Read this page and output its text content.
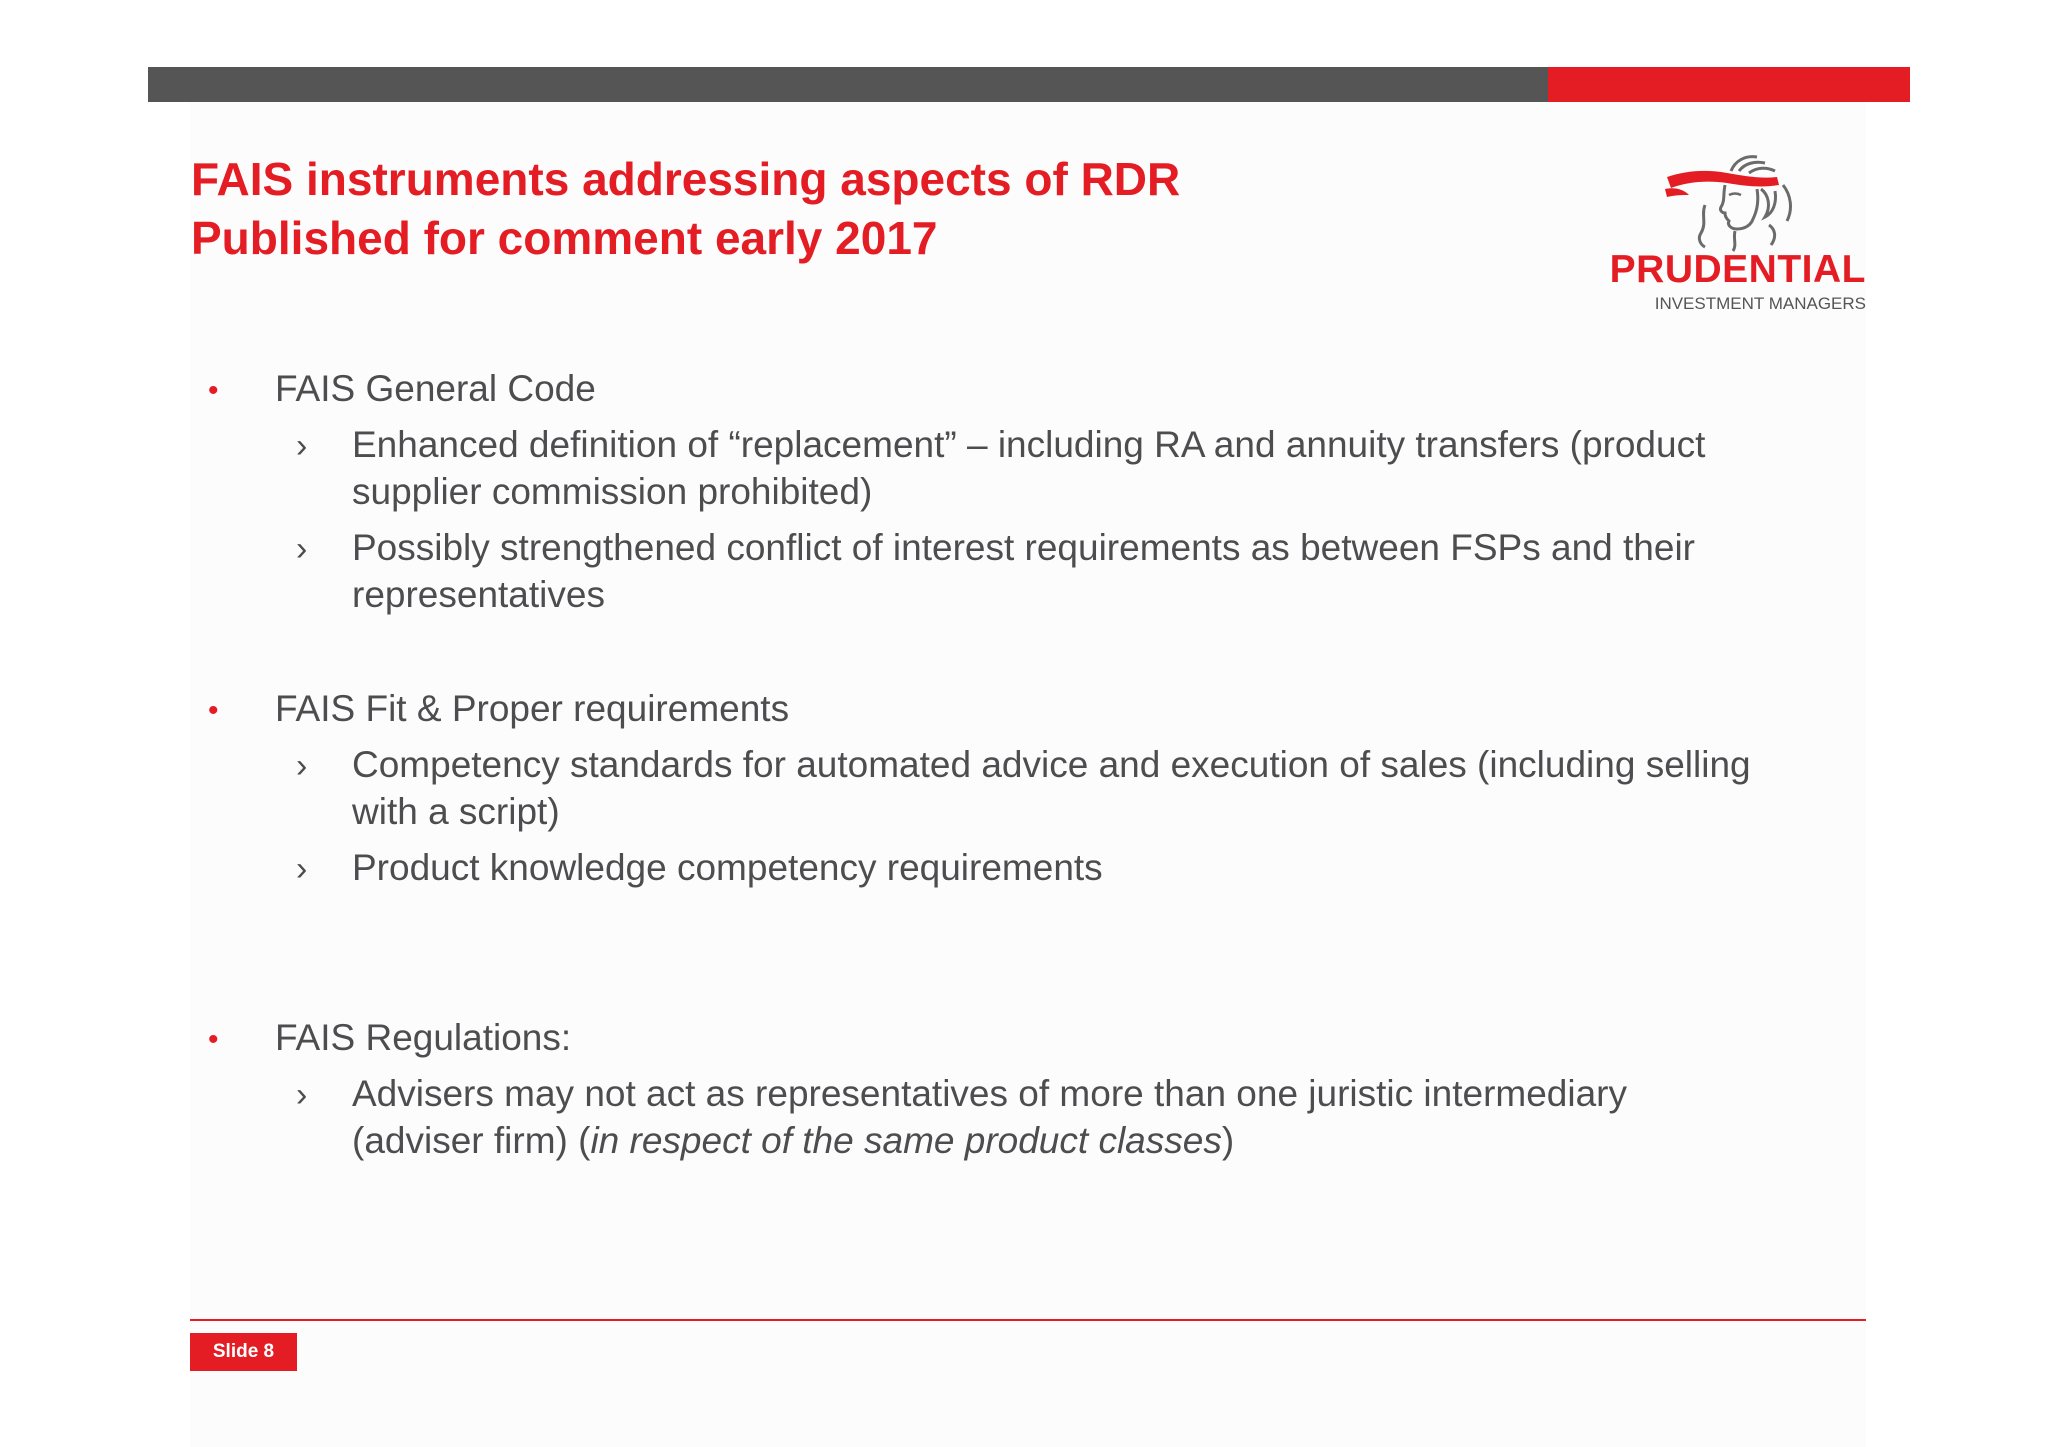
FAIS instruments addressing aspects of RDR
Published for comment early 2017
PRUDENTIAL
INVESTMENT MANAGERS
• FAIS General Code
› Enhanced definition of “replacement” – including RA and annuity transfers (product
supplier commission prohibited)
› Possibly strengthened conflict of interest requirements as between FSPs and their
representatives
• FAIS Fit & Proper requirements
› Competency standards for automated advice and execution of sales (including selling
with a script)
› Product knowledge competency requirements
• FAIS Regulations:
› Advisers may not act as representatives of more than one juristic intermediary
(adviser firm) (in respect of the same product classes)
Slide 8
